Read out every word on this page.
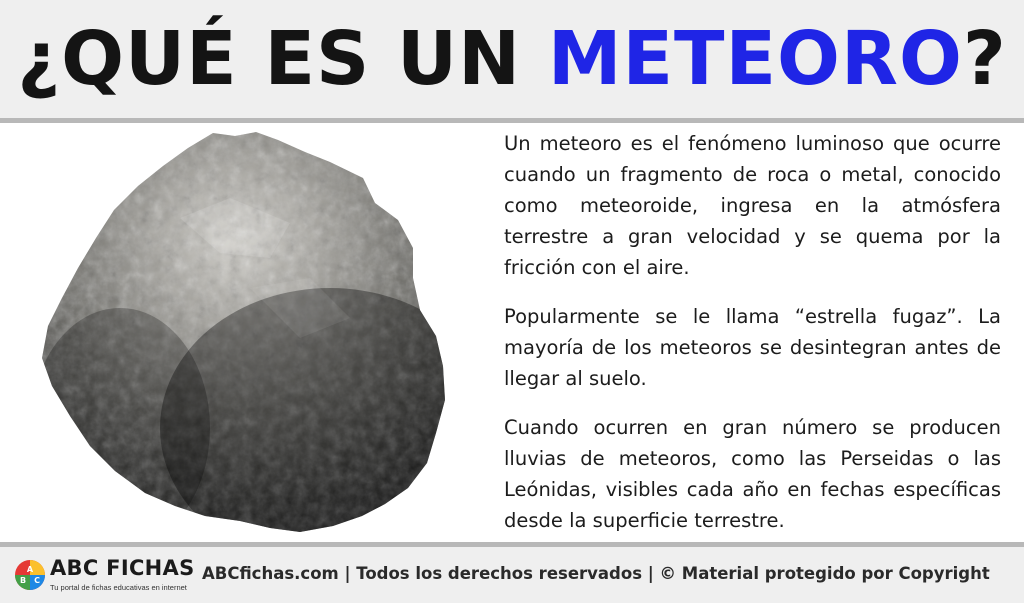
¿QUÉ ES UN METEORO?

Un meteoro es el fenómeno luminoso que ocurre cuando un fragmento de roca o metal, conocido como meteoroide, ingresa en la atmósfera terrestre a gran velocidad y se quema por la fricción con el aire.

Popularmente se le llama “estrella fugaz”. La mayoría de los meteoros se desintegran antes de llegar al suelo.

Cuando ocurren en gran número se producen lluvias de meteoros, como las Perseidas o las Leónidas, visibles cada año en fechas específicas desde la superficie terrestre.

A
B C
ABC FICHAS
Tu portal de fichas educativas en internet
ABCfichas.com | Todos los derechos reservados | © Material protegido por Copyright
